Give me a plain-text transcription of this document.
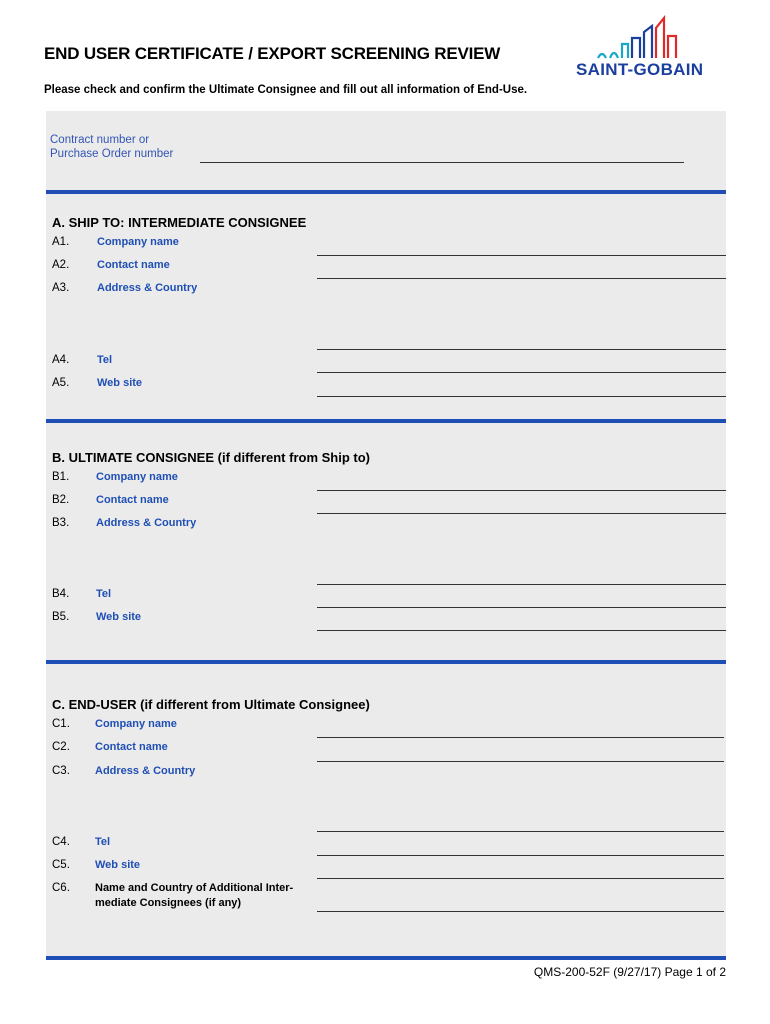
END USER CERTIFICATE / EXPORT SCREENING REVIEW
Please check and confirm the Ultimate Consignee and fill out all information of End-Use.
SAINT-GOBAIN
Contract number or
Purchase Order number
A. SHIP TO: INTERMEDIATE CONSIGNEE
A1.	Company name
A2.	Contact name
A3.	Address & Country
A4.	Tel
A5.	Web site
B. ULTIMATE CONSIGNEE (if different from Ship to)
B1. Company name
B2. Contact name
B3. Address & Country
B4. Tel
B5. Web site
C. END-USER (if different from Ultimate Consignee)
C1. Company name
C2. Contact name
C3. Address & Country
C4. Tel
C5. Web site
C6. Name and Country of Additional Inter-
mediate Consignees (if any)
QMS-200-52F (9/27/17) Page 1 of 2
